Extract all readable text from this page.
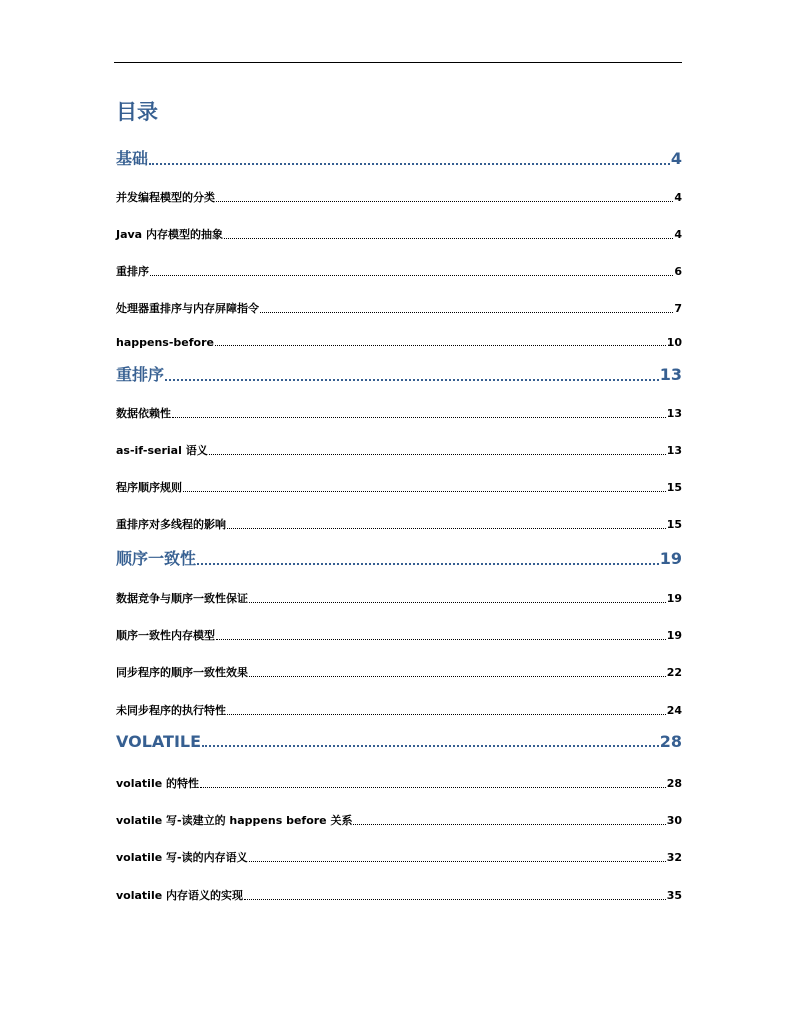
目录
基础	4
并发编程模型的分类	4
Java 内存模型的抽象	4
重排序	6
处理器重排序与内存屏障指令	7
happens-before	10
重排序	13
数据依赖性	13
as-if-serial 语义	13
程序顺序规则	15
重排序对多线程的影响	15
顺序一致性	19
数据竞争与顺序一致性保证	19
顺序一致性内存模型	19
同步程序的顺序一致性效果	22
未同步程序的执行特性	24
VOLATILE	28
volatile 的特性	28
volatile 写-读建立的 happens before 关系	30
volatile 写-读的内存语义	32
volatile 内存语义的实现	35
